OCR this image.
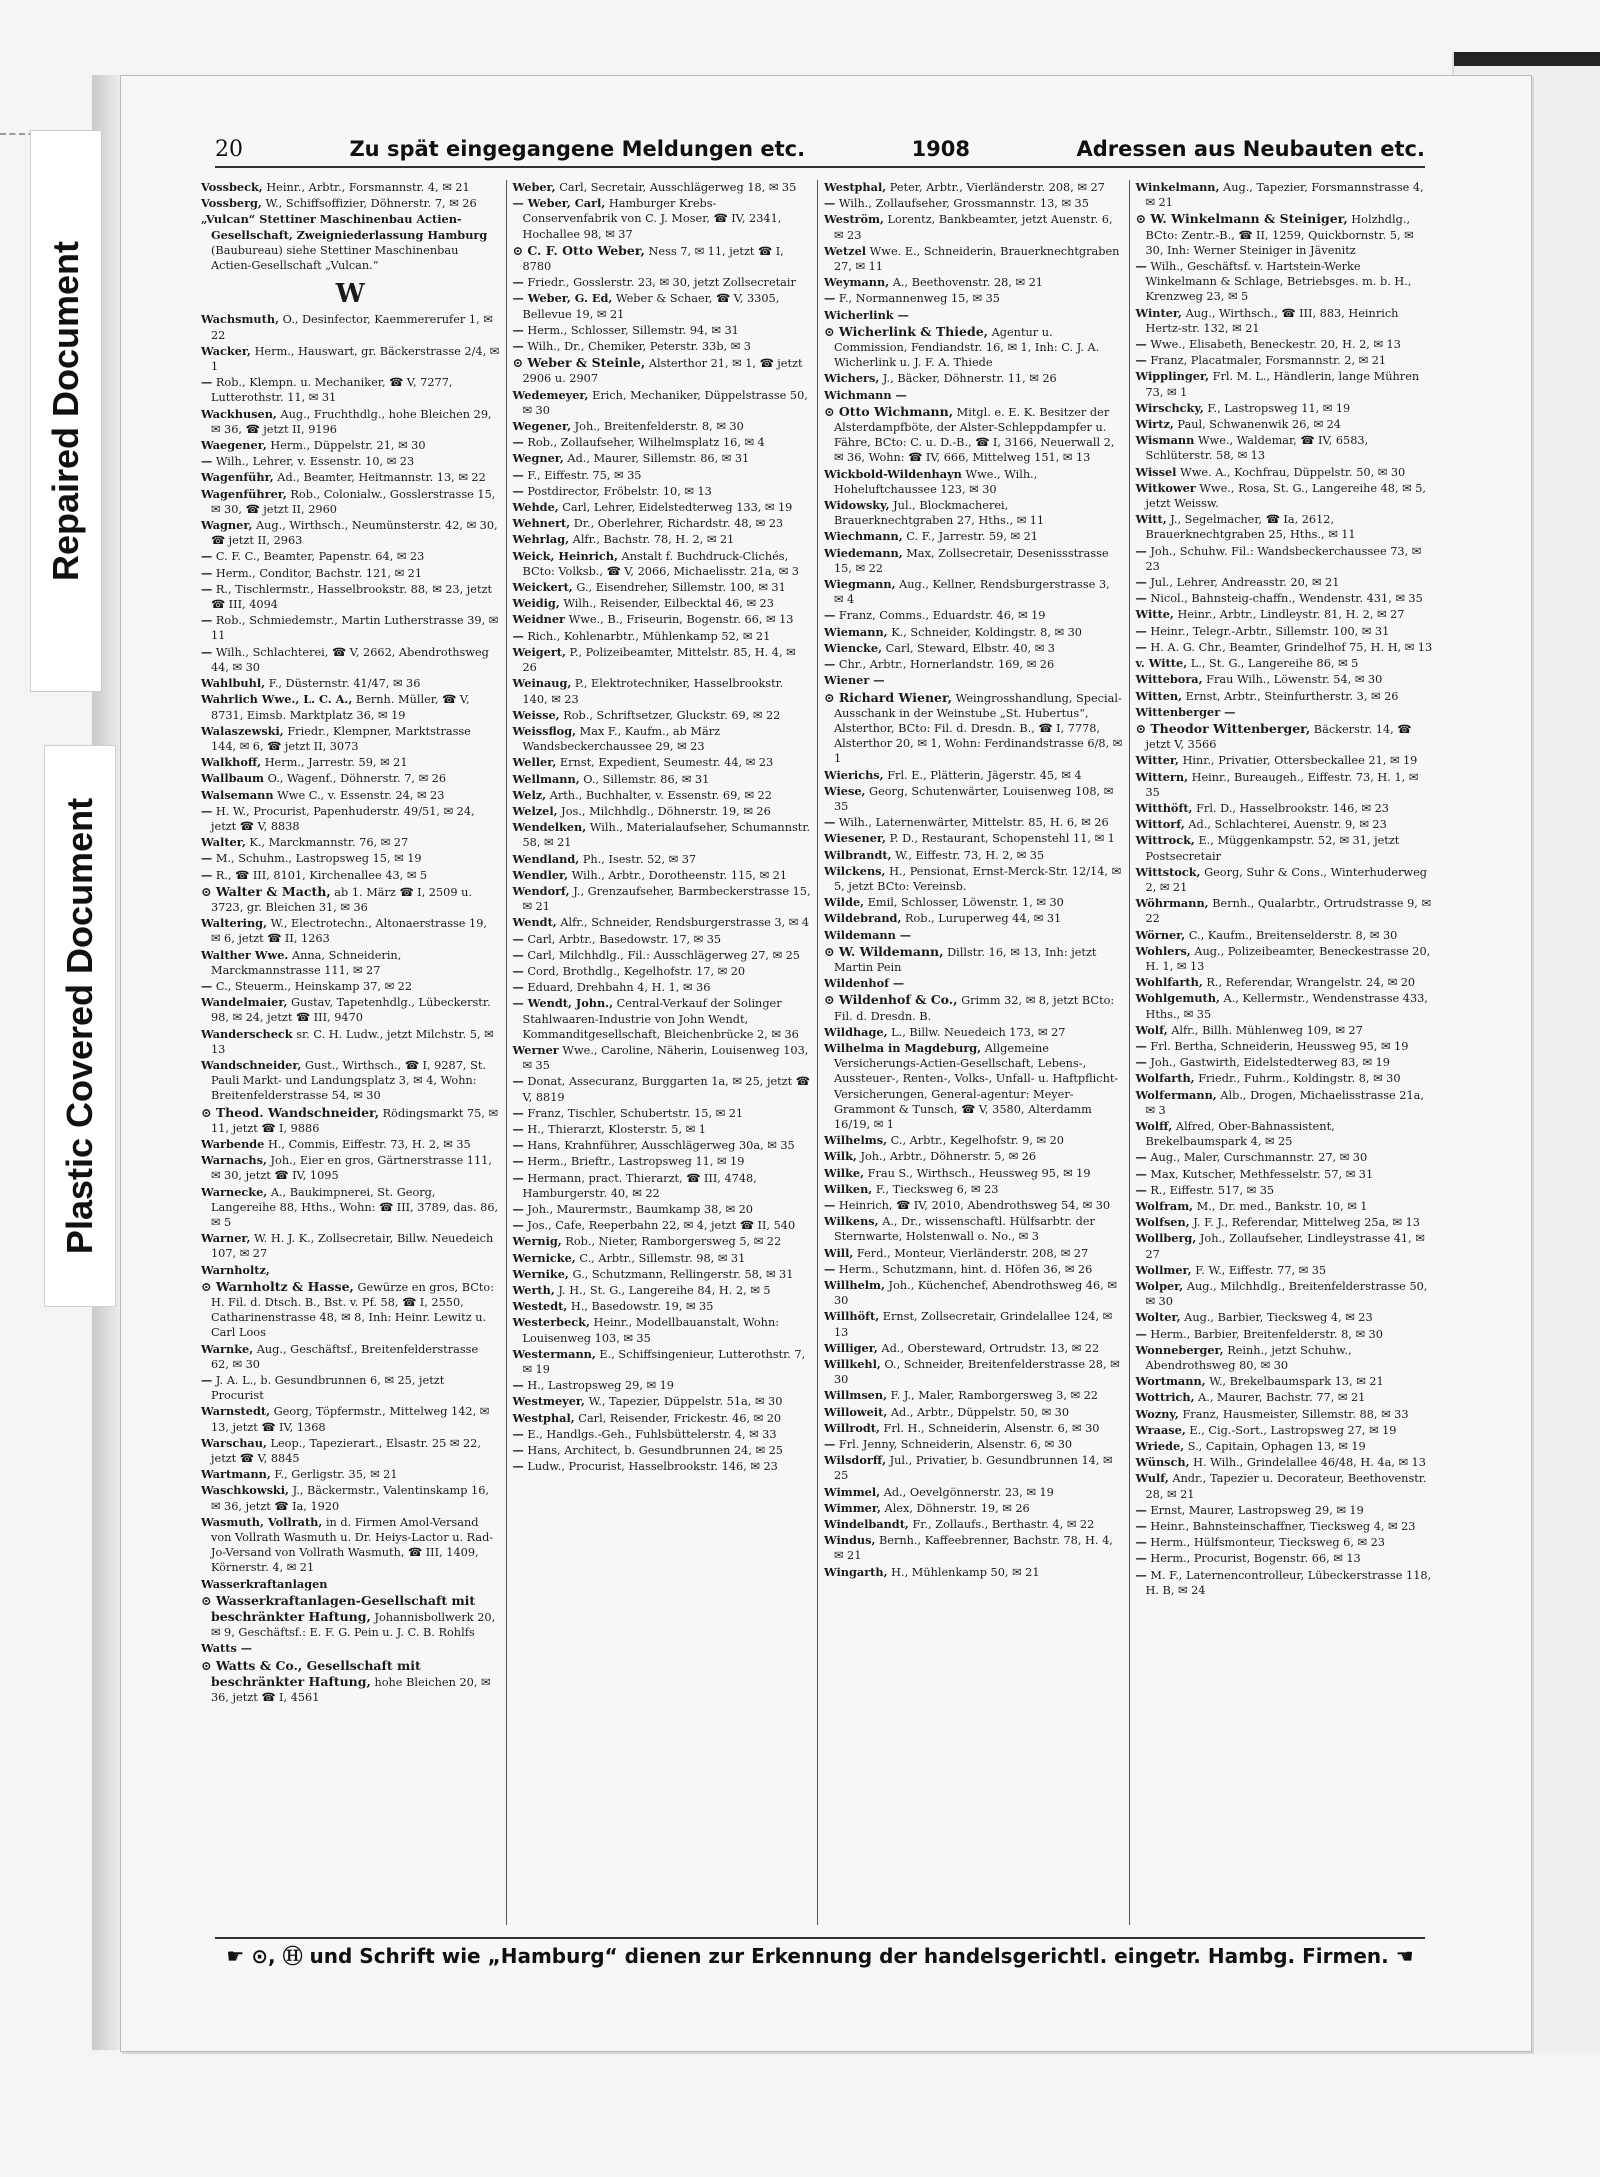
Repaired Document
Plastic Covered Document
20	Zu spät eingegangene Meldungen etc.	1908	Adressen aus Neubauten etc.
Vossbeck, Heinr., Arbtr., Forsmannstr. 4, ✉ 21
Vossberg, W., Schiffsoffizier, Döhnerstr. 7, ✉ 26
„Vulcan“ Stettiner Maschinenbau Actien-Gesellschaft, Zweigniederlassung Hamburg (Baubureau) siehe Stettiner Maschinenbau Actien-Gesellschaft „Vulcan.“
W
Wachsmuth, O., Desinfector, Kaemmererufer 1, ✉ 22
Wacker, Herm., Hauswart, gr. Bäckerstrasse 2/4, ✉ 1
— Rob., Klempn. u. Mechaniker, ☎ V, 7277, Lutterothstr. 11, ✉ 31
Wackhusen, Aug., Fruchthdlg., hohe Bleichen 29, ✉ 36, ☎ jetzt II, 9196
Waegener, Herm., Düppelstr. 21, ✉ 30
— Wilh., Lehrer, v. Essenstr. 10, ✉ 23
Wagenführ, Ad., Beamter, Heitmannstr. 13, ✉ 22
Wagenführer, Rob., Colonialw., Gosslerstrasse 15, ✉ 30, ☎ jetzt II, 2960
Wagner, Aug., Wirthsch., Neumünsterstr. 42, ✉ 30, ☎ jetzt II, 2963
— C. F. C., Beamter, Papenstr. 64, ✉ 23
— Herm., Conditor, Bachstr. 121, ✉ 21
— R., Tischlermstr., Hasselbrookstr. 88, ✉ 23, jetzt ☎ III, 4094
— Rob., Schmiedemstr., Martin Lutherstrasse 39, ✉ 11
— Wilh., Schlachterei, ☎ V, 2662, Abendrothsweg 44, ✉ 30
Wahlbuhl, F., Düsternstr. 41/47, ✉ 36
Wahrlich Wwe., L. C. A., Bernh. Müller, ☎ V, 8731, Eimsb. Marktplatz 36, ✉ 19
Walaszewski, Friedr., Klempner, Marktstrasse 144, ✉ 6, ☎ jetzt II, 3073
Walkhoff, Herm., Jarrestr. 59, ✉ 21
Wallbaum O., Wagenf., Döhnerstr. 7, ✉ 26
Walsemann Wwe C., v. Essenstr. 24, ✉ 23
— H. W., Procurist, Papenhuderstr. 49/51, ✉ 24, jetzt ☎ V, 8838
Walter, K., Marckmannstr. 76, ✉ 27
— M., Schuhm., Lastropsweg 15, ✉ 19
— R., ☎ III, 8101, Kirchenallee 43, ✉ 5
⊙ Walter & Macth, ab 1. März ☎ I, 2509 u. 3723, gr. Bleichen 31, ✉ 36
Waltering, W., Electrotechn., Altonaerstrasse 19, ✉ 6, jetzt ☎ II, 1263
Walther Wwe. Anna, Schneiderin, Marckmannstrasse 111, ✉ 27
— C., Steuerm., Heinskamp 37, ✉ 22
Wandelmaier, Gustav, Tapetenhdlg., Lübeckerstr. 98, ✉ 24, jetzt ☎ III, 9470
Wanderscheck sr. C. H. Ludw., jetzt Milchstr. 5, ✉ 13
Wandschneider, Gust., Wirthsch., ☎ I, 9287, St. Pauli Markt- und Landungsplatz 3, ✉ 4, Wohn: Breitenfelderstrasse 54, ✉ 30
⊙ Theod. Wandschneider, Rödingsmarkt 75, ✉ 11, jetzt ☎ I, 9886
Warbende H., Commis, Eiffestr. 73, H. 2, ✉ 35
Warnachs, Joh., Eier en gros, Gärtnerstrasse 111, ✉ 30, jetzt ☎ IV, 1095
Warnecke, A., Baukimpnerei, St. Georg, Langereihe 88, Hths., Wohn: ☎ III, 3789, das. 86, ✉ 5
Warner, W. H. J. K., Zollsecretair, Billw. Neuedeich 107, ✉ 27
Warnholtz,
⊙ Warnholtz & Hasse, Gewürze en gros, BCto: H. Fil. d. Dtsch. B., Bst. v. Pf. 58, ☎ I, 2550, Catharinenstrasse 48, ✉ 8, Inh: Heinr. Lewitz u. Carl Loos
Warnke, Aug., Geschäftsf., Breitenfelderstrasse 62, ✉ 30
— J. A. L., b. Gesundbrunnen 6, ✉ 25, jetzt Procurist
Warnstedt, Georg, Töpfermstr., Mittelweg 142, ✉ 13, jetzt ☎ IV, 1368
Warschau, Leop., Tapezierart., Elsastr. 25 ✉ 22, jetzt ☎ V, 8845
Wartmann, F., Gerligstr. 35, ✉ 21
Waschkowski, J., Bäckermstr., Valentinskamp 16, ✉ 36, jetzt ☎ Ia, 1920
Wasmuth, Vollrath, in d. Firmen Amol-Versand von Vollrath Wasmuth u. Dr. Heiys-Lactor u. Rad-Jo-Versand von Vollrath Wasmuth, ☎ III, 1409, Körnerstr. 4, ✉ 21
Wasserkraftanlagen
⊙ Wasserkraftanlagen-Gesellschaft mit beschränkter Haftung, Johannisbollwerk 20, ✉ 9, Geschäftsf.: E. F. G. Pein u. J. C. B. Rohlfs
Watts —
⊙ Watts & Co., Gesellschaft mit beschränkter Haftung, hohe Bleichen 20, ✉ 36, jetzt ☎ I, 4561
Weber, Carl, Secretair, Ausschlägerweg 18, ✉ 35
— Weber, Carl, Hamburger Krebs-Conservenfabrik von C. J. Moser, ☎ IV, 2341, Hochallee 98, ✉ 37
⊙ C. F. Otto Weber, Ness 7, ✉ 11, jetzt ☎ I, 8780
— Friedr., Gosslerstr. 23, ✉ 30, jetzt Zollsecretair
— Weber, G. Ed, Weber & Schaer, ☎ V, 3305, Bellevue 19, ✉ 21
— Herm., Schlosser, Sillemstr. 94, ✉ 31
— Wilh., Dr., Chemiker, Peterstr. 33b, ✉ 3
⊙ Weber & Steinle, Alsterthor 21, ✉ 1, ☎ jetzt 2906 u. 2907
Wedemeyer, Erich, Mechaniker, Düppelstrasse 50, ✉ 30
Wegener, Joh., Breitenfelderstr. 8, ✉ 30
— Rob., Zollaufseher, Wilhelmsplatz 16, ✉ 4
Wegner, Ad., Maurer, Sillemstr. 86, ✉ 31
— F., Eiffestr. 75, ✉ 35
— Postdirector, Fröbelstr. 10, ✉ 13
Wehde, Carl, Lehrer, Eidelstedterweg 133, ✉ 19
Wehnert, Dr., Oberlehrer, Richardstr. 48, ✉ 23
Wehrlag, Alfr., Bachstr. 78, H. 2, ✉ 21
Weick, Heinrich, Anstalt f. Buchdruck-Clichés, BCto: Volksb., ☎ V, 2066, Michaelisstr. 21a, ✉ 3
Weickert, G., Eisendreher, Sillemstr. 100, ✉ 31
Weidig, Wilh., Reisender, Eilbecktal 46, ✉ 23
Weidner Wwe., B., Friseurin, Bogenstr. 66, ✉ 13
— Rich., Kohlenarbtr., Mühlenkamp 52, ✉ 21
Weigert, P., Polizeibeamter, Mittelstr. 85, H. 4, ✉ 26
Weinaug, P., Elektrotechniker, Hasselbrookstr. 140, ✉ 23
Weisse, Rob., Schriftsetzer, Gluckstr. 69, ✉ 22
Weissflog, Max F., Kaufm., ab März Wandsbeckerchaussee 29, ✉ 23
Weller, Ernst, Expedient, Seumestr. 44, ✉ 23
Wellmann, O., Sillemstr. 86, ✉ 31
Welz, Arth., Buchhalter, v. Essenstr. 69, ✉ 22
Welzel, Jos., Milchhdlg., Döhnerstr. 19, ✉ 26
Wendelken, Wilh., Materialaufseher, Schumannstr. 58, ✉ 21
Wendland, Ph., Isestr. 52, ✉ 37
Wendler, Wilh., Arbtr., Dorotheenstr. 115, ✉ 21
Wendorf, J., Grenzaufseher, Barmbeckerstrasse 15, ✉ 21
Wendt, Alfr., Schneider, Rendsburgerstrasse 3, ✉ 4
— Carl, Arbtr., Basedowstr. 17, ✉ 35
— Carl, Milchhdlg., Fil.: Ausschlägerweg 27, ✉ 25
— Cord, Brothdlg., Kegelhofstr. 17, ✉ 20
— Eduard, Drehbahn 4, H. 1, ✉ 36
— Wendt, John., Central-Verkauf der Solinger Stahlwaaren-Industrie von John Wendt, Kommanditgesellschaft, Bleichenbrücke 2, ✉ 36
Werner Wwe., Caroline, Näherin, Louisenweg 103, ✉ 35
— Donat, Assecuranz, Burggarten 1a, ✉ 25, jetzt ☎ V, 8819
— Franz, Tischler, Schubertstr. 15, ✉ 21
— H., Thierarzt, Klosterstr. 5, ✉ 1
— Hans, Krahnführer, Ausschlägerweg 30a, ✉ 35
— Herm., Brieftr., Lastropsweg 11, ✉ 19
— Hermann, pract. Thierarzt, ☎ III, 4748, Hamburgerstr. 40, ✉ 22
— Joh., Maurermstr., Baumkamp 38, ✉ 20
— Jos., Cafe, Reeperbahn 22, ✉ 4, jetzt ☎ II, 540
Wernig, Rob., Nieter, Ramborgersweg 5, ✉ 22
Wernicke, C., Arbtr., Sillemstr. 98, ✉ 31
Wernike, G., Schutzmann, Rellingerstr. 58, ✉ 31
Werth, J. H., St. G., Langereihe 84, H. 2, ✉ 5
Westedt, H., Basedowstr. 19, ✉ 35
Westerbeck, Heinr., Modellbauanstalt, Wohn: Louisenweg 103, ✉ 35
Westermann, E., Schiffsingenieur, Lutterothstr. 7, ✉ 19
— H., Lastropsweg 29, ✉ 19
Westmeyer, W., Tapezier, Düppelstr. 51a, ✉ 30
Westphal, Carl, Reisender, Frickestr. 46, ✉ 20
— E., Handlgs.-Geh., Fuhlsbüttelerstr. 4, ✉ 33
— Hans, Architect, b. Gesundbrunnen 24, ✉ 25
— Ludw., Procurist, Hasselbrookstr. 146, ✉ 23
Westphal, Peter, Arbtr., Vierländerstr. 208, ✉ 27
— Wilh., Zollaufseher, Grossmannstr. 13, ✉ 35
Weström, Lorentz, Bankbeamter, jetzt Auenstr. 6, ✉ 23
Wetzel Wwe. E., Schneiderin, Brauerknechtgraben 27, ✉ 11
Weymann, A., Beethovenstr. 28, ✉ 21
— F., Normannenweg 15, ✉ 35
Wicherlink —
⊙ Wicherlink & Thiede, Agentur u. Commission, Fendiandstr. 16, ✉ 1, Inh: C. J. A. Wicherlink u. J. F. A. Thiede
Wichers, J., Bäcker, Döhnerstr. 11, ✉ 26
Wichmann —
⊙ Otto Wichmann, Mitgl. e. E. K. Besitzer der Alsterdampfböte, der Alster-Schleppdampfer u. Fähre, BCto: C. u. D.-B., ☎ I, 3166, Neuerwall 2, ✉ 36, Wohn: ☎ IV, 666, Mittelweg 151, ✉ 13
Wickbold-Wildenhayn Wwe., Wilh., Hoheluftchaussee 123, ✉ 30
Widowsky, Jul., Blockmacherei, Brauerknechtgraben 27, Hths., ✉ 11
Wiechmann, C. F., Jarrestr. 59, ✉ 21
Wiedemann, Max, Zollsecretair, Desenissstrasse 15, ✉ 22
Wiegmann, Aug., Kellner, Rendsburgerstrasse 3, ✉ 4
— Franz, Comms., Eduardstr. 46, ✉ 19
Wiemann, K., Schneider, Koldingstr. 8, ✉ 30
Wiencke, Carl, Steward, Elbstr. 40, ✉ 3
— Chr., Arbtr., Hornerlandstr. 169, ✉ 26
Wiener —
⊙ Richard Wiener, Weingrosshandlung, Special-Ausschank in der Weinstube „St. Hubertus“, Alsterthor, BCto: Fil. d. Dresdn. B., ☎ I, 7778, Alsterthor 20, ✉ 1, Wohn: Ferdinandstrasse 6/8, ✉ 1
Wierichs, Frl. E., Plätterin, Jägerstr. 45, ✉ 4
Wiese, Georg, Schutenwärter, Louisenweg 108, ✉ 35
— Wilh., Laternenwärter, Mittelstr. 85, H. 6, ✉ 26
Wiesener, P. D., Restaurant, Schopenstehl 11, ✉ 1
Wilbrandt, W., Eiffestr. 73, H. 2, ✉ 35
Wilckens, H., Pensionat, Ernst-Merck-Str. 12/14, ✉ 5, jetzt BCto: Vereinsb.
Wilde, Emil, Schlosser, Löwenstr. 1, ✉ 30
Wildebrand, Rob., Luruperweg 44, ✉ 31
Wildemann —
⊙ W. Wildemann, Dillstr. 16, ✉ 13, Inh: jetzt Martin Pein
Wildenhof —
⊙ Wildenhof & Co., Grimm 32, ✉ 8, jetzt BCto: Fil. d. Dresdn. B.
Wildhage, L., Billw. Neuedeich 173, ✉ 27
Wilhelma in Magdeburg, Allgemeine Versicherungs-Actien-Gesellschaft, Lebens-, Aussteuer-, Renten-, Volks-, Unfall- u. Haftpflicht-Versicherungen, General-agentur: Meyer-Grammont & Tunsch, ☎ V, 3580, Alterdamm 16/19, ✉ 1
Wilhelms, C., Arbtr., Kegelhofstr. 9, ✉ 20
Wilk, Joh., Arbtr., Döhnerstr. 5, ✉ 26
Wilke, Frau S., Wirthsch., Heussweg 95, ✉ 19
Wilken, F., Tiecksweg 6, ✉ 23
— Heinrich, ☎ IV, 2010, Abendrothsweg 54, ✉ 30
Wilkens, A., Dr., wissenschaftl. Hülfsarbtr. der Sternwarte, Holstenwall o. No., ✉ 3
Will, Ferd., Monteur, Vierländerstr. 208, ✉ 27
— Herm., Schutzmann, hint. d. Höfen 36, ✉ 26
Willhelm, Joh., Küchenchef, Abendrothsweg 46, ✉ 30
Willhöft, Ernst, Zollsecretair, Grindelallee 124, ✉ 13
Williger, Ad., Obersteward, Ortrudstr. 13, ✉ 22
Willkehl, O., Schneider, Breitenfelderstrasse 28, ✉ 30
Willmsen, F. J., Maler, Ramborgersweg 3, ✉ 22
Willoweit, Ad., Arbtr., Düppelstr. 50, ✉ 30
Willrodt, Frl. H., Schneiderin, Alsenstr. 6, ✉ 30
— Frl. Jenny, Schneiderin, Alsenstr. 6, ✉ 30
Wilsdorff, Jul., Privatier, b. Gesundbrunnen 14, ✉ 25
Wimmel, Ad., Oevelgönnerstr. 23, ✉ 19
Wimmer, Alex, Döhnerstr. 19, ✉ 26
Windelbandt, Fr., Zollaufs., Berthastr. 4, ✉ 22
Windus, Bernh., Kaffeebrenner, Bachstr. 78, H. 4, ✉ 21
Wingarth, H., Mühlenkamp 50, ✉ 21
Winkelmann, Aug., Tapezier, Forsmannstrasse 4, ✉ 21
⊙ W. Winkelmann & Steiniger, Holzhdlg., BCto: Zentr.-B., ☎ II, 1259, Quickbornstr. 5, ✉ 30, Inh: Werner Steiniger in Jävenitz
— Wilh., Geschäftsf. v. Hartstein-Werke Winkelmann & Schlage, Betriebsges. m. b. H., Krenzweg 23, ✉ 5
Winter, Aug., Wirthsch., ☎ III, 883, Heinrich Hertz-str. 132, ✉ 21
— Wwe., Elisabeth, Beneckestr. 20, H. 2, ✉ 13
— Franz, Placatmaler, Forsmannstr. 2, ✉ 21
Wipplinger, Frl. M. L., Händlerin, lange Mühren 73, ✉ 1
Wirschcky, F., Lastropsweg 11, ✉ 19
Wirtz, Paul, Schwanenwik 26, ✉ 24
Wismann Wwe., Waldemar, ☎ IV, 6583, Schlüterstr. 58, ✉ 13
Wissel Wwe. A., Kochfrau, Düppelstr. 50, ✉ 30
Witkower Wwe., Rosa, St. G., Langereihe 48, ✉ 5, jetzt Weissw.
Witt, J., Segelmacher, ☎ Ia, 2612, Brauerknechtgraben 25, Hths., ✉ 11
— Joh., Schuhw. Fil.: Wandsbeckerchaussee 73, ✉ 23
— Jul., Lehrer, Andreasstr. 20, ✉ 21
— Nicol., Bahnsteig-chaffn., Wendenstr. 431, ✉ 35
Witte, Heinr., Arbtr., Lindleystr. 81, H. 2, ✉ 27
— Heinr., Telegr.-Arbtr., Sillemstr. 100, ✉ 31
— H. A. G. Chr., Beamter, Grindelhof 75, H. H, ✉ 13
v. Witte, L., St. G., Langereihe 86, ✉ 5
Wittebora, Frau Wilh., Löwenstr. 54, ✉ 30
Witten, Ernst, Arbtr., Steinfurtherstr. 3, ✉ 26
Wittenberger —
⊙ Theodor Wittenberger, Bäckerstr. 14, ☎ jetzt V, 3566
Witter, Hinr., Privatier, Ottersbeckallee 21, ✉ 19
Wittern, Heinr., Bureaugeh., Eiffestr. 73, H. 1, ✉ 35
Witthöft, Frl. D., Hasselbrookstr. 146, ✉ 23
Wittorf, Ad., Schlachterei, Auenstr. 9, ✉ 23
Wittrock, E., Müggenkampstr. 52, ✉ 31, jetzt Postsecretair
Wittstock, Georg, Suhr & Cons., Winterhuderweg 2, ✉ 21
Wöhrmann, Bernh., Qualarbtr., Ortrudstrasse 9, ✉ 22
Wörner, C., Kaufm., Breitenselderstr. 8, ✉ 30
Wohlers, Aug., Polizeibeamter, Beneckestrasse 20, H. 1, ✉ 13
Wohlfarth, R., Referendar, Wrangelstr. 24, ✉ 20
Wohlgemuth, A., Kellermstr., Wendenstrasse 433, Hths., ✉ 35
Wolf, Alfr., Billh. Mühlenweg 109, ✉ 27
— Frl. Bertha, Schneiderin, Heussweg 95, ✉ 19
— Joh., Gastwirth, Eidelstedterweg 83, ✉ 19
Wolfarth, Friedr., Fuhrm., Koldingstr. 8, ✉ 30
Wolfermann, Alb., Drogen, Michaelisstrasse 21a, ✉ 3
Wolff, Alfred, Ober-Bahnassistent, Brekelbaumspark 4, ✉ 25
— Aug., Maler, Curschmannstr. 27, ✉ 30
— Max, Kutscher, Methfesselstr. 57, ✉ 31
— R., Eiffestr. 517, ✉ 35
Wolfram, M., Dr. med., Bankstr. 10, ✉ 1
Wolfsen, J. F. J., Referendar, Mittelweg 25a, ✉ 13
Wollberg, Joh., Zollaufseher, Lindleystrasse 41, ✉ 27
Wollmer, F. W., Eiffestr. 77, ✉ 35
Wolper, Aug., Milchhdlg., Breitenfelderstrasse 50, ✉ 30
Wolter, Aug., Barbier, Tiecksweg 4, ✉ 23
— Herm., Barbier, Breitenfelderstr. 8, ✉ 30
Wonneberger, Reinh., jetzt Schuhw., Abendrothsweg 80, ✉ 30
Wortmann, W., Brekelbaumspark 13, ✉ 21
Wottrich, A., Maurer, Bachstr. 77, ✉ 21
Wozny, Franz, Hausmeister, Sillemstr. 88, ✉ 33
Wraase, E., Cig.-Sort., Lastropsweg 27, ✉ 19
Wriede, S., Capitain, Ophagen 13, ✉ 19
Wünsch, H. Wilh., Grindelallee 46/48, H. 4a, ✉ 13
Wulf, Andr., Tapezier u. Decorateur, Beethovenstr. 28, ✉ 21
— Ernst, Maurer, Lastropsweg 29, ✉ 19
— Heinr., Bahnsteinschaffner, Tiecksweg 4, ✉ 23
— Herm., Hülfsmonteur, Tiecksweg 6, ✉ 23
— Herm., Procurist, Bogenstr. 66, ✉ 13
— M. F., Laternencontrolleur, Lübeckerstrasse 118, H. B, ✉ 24
☛ ⊙, Ⓗ und Schrift wie „Hamburg“ dienen zur Erkennung der handelsgerichtl. eingetr. Hambg. Firmen. ☚
